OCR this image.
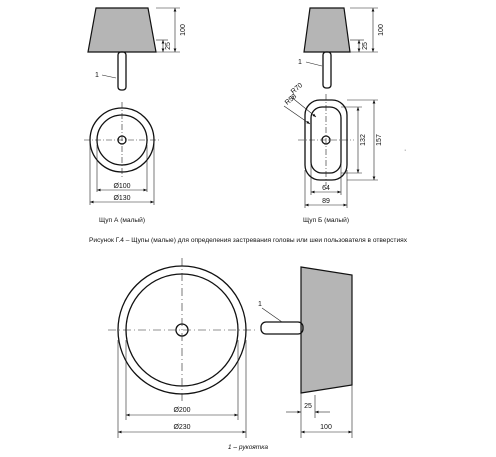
100
25
1
Ø100
Ø130
Щуп А (малый)
100
25
1
R70
R58
132 157
64
89
Щуп Б (малый)
·
Рисунок Г.4 – Щупы (малые) для определения застревания головы или шеи пользователя в отверстиях
Ø200
Ø230
1
25
100
1 – рукоятка
